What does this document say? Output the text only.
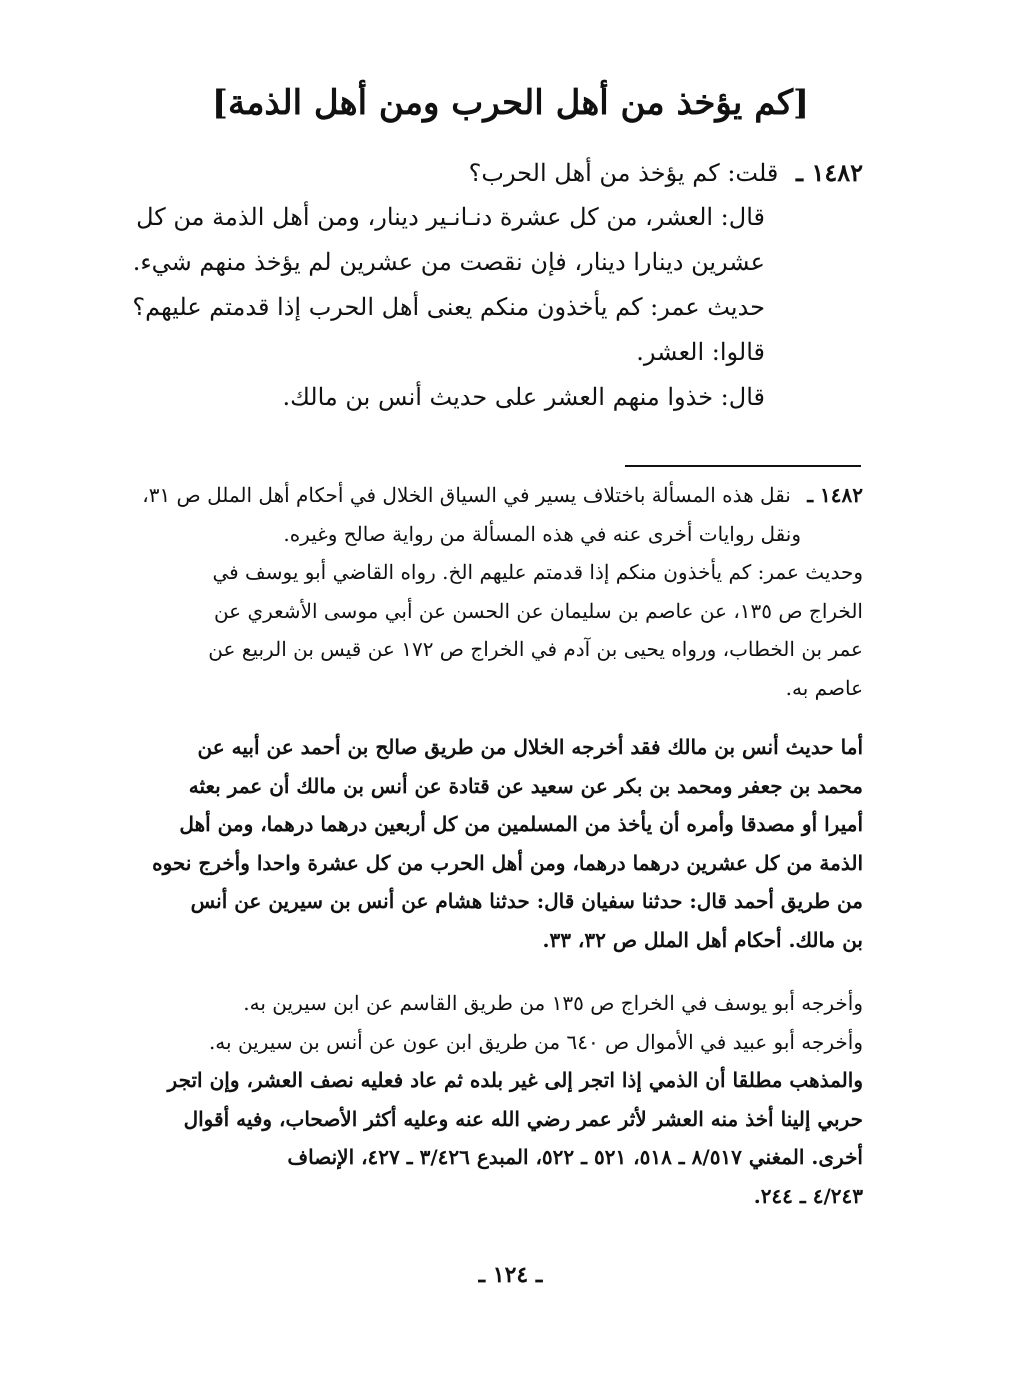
[كم يؤخذ من أهل الحرب ومن أهل الذمة]
١٤٨٢ ـ قلت: كم يؤخذ من أهل الحرب؟
قال: العشر، من كل عشرة دنـانـير دينار، ومن أهل الذمة من كل
عشرين دينارا دينار، فإن نقصت من عشرين لم يؤخذ منهم شيء.
حديث عمر: كم يأخذون منكم يعنى أهل الحرب إذا قدمتم عليهم؟
قالوا: العشر.
قال: خذوا منهم العشر على حديث أنس بن مالك.
١٤٨٢ ـ نقل هذه المسألة باختلاف يسير في السياق الخلال في أحكام أهل الملل ص ٣١،
ونقل روايات أخرى عنه في هذه المسألة من رواية صالح وغيره.
وحديث عمر: كم يأخذون منكم إذا قدمتم عليهم الخ. رواه القاضي أبو يوسف في
الخراج ص ١٣٥، عن عاصم بن سليمان عن الحسن عن أبي موسى الأشعري عن
عمر بن الخطاب، ورواه يحيى بن آدم في الخراج ص ١٧٢ عن قيس بن الربيع عن
عاصم به.
أما حديث أنس بن مالك فقد أخرجه الخلال من طريق صالح بن أحمد عن أبيه عن
محمد بن جعفر ومحمد بن بكر عن سعيد عن قتادة عن أنس بن مالك أن عمر بعثه
أميرا أو مصدقا وأمره أن يأخذ من المسلمين من كل أربعين درهما درهما، ومن أهل
الذمة من كل عشرين درهما درهما، ومن أهل الحرب من كل عشرة واحدا وأخرج نحوه
من طريق أحمد قال: حدثنا سفيان قال: حدثنا هشام عن أنس بن سيرين عن أنس
بن مالك. أحكام أهل الملل ص ٣٢، ٣٣.
وأخرجه أبو يوسف في الخراج ص ١٣٥ من طريق القاسم عن ابن سيرين به.
وأخرجه أبو عبيد في الأموال ص ٦٤٠ من طريق ابن عون عن أنس بن سيرين به.
والمذهب مطلقا أن الذمي إذا اتجر إلى غير بلده ثم عاد فعليه نصف العشر، وإن اتجر
حربي إلينا أخذ منه العشر لأثر عمر رضي الله عنه وعليه أكثر الأصحاب، وفيه أقوال
أخرى. المغني ٨/٥١٧ ـ ٥١٨، ٥٢١ ـ ٥٢٢، المبدع ٣/٤٢٦ ـ ٤٢٧، الإنصاف
٤/٢٤٣ ـ ٢٤٤.
ـ ١٢٤ ـ
